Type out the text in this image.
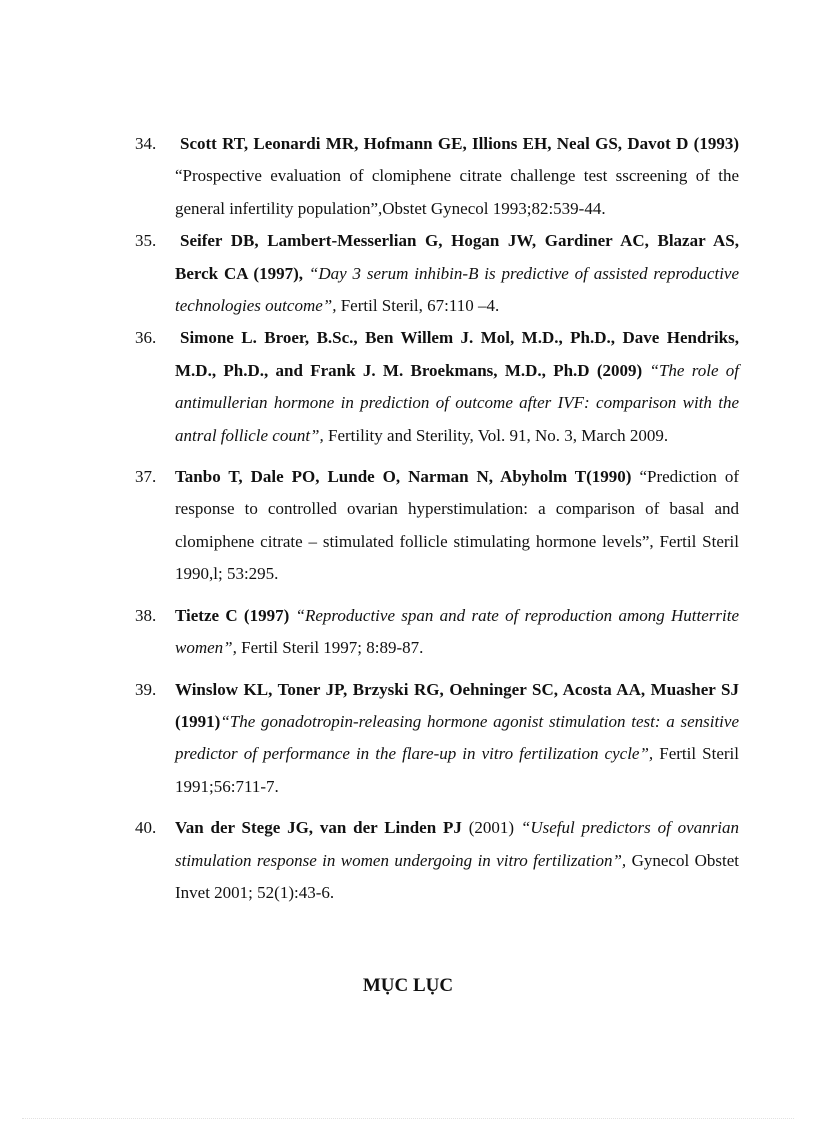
34. Scott RT, Leonardi MR, Hofmann GE, Illions EH, Neal GS, Davot D (1993) “Prospective evaluation of clomiphene citrate challenge test sscreening of the general infertility population”,Obstet Gynecol 1993;82:539-44.
35. Seifer DB, Lambert-Messerlian G, Hogan JW, Gardiner AC, Blazar AS, Berck CA (1997), “Day 3 serum inhibin-B is predictive of assisted reproductive technologies outcome”, Fertil Steril, 67:110 –4.
36. Simone L. Broer, B.Sc., Ben Willem J. Mol, M.D., Ph.D., Dave Hendriks, M.D., Ph.D., and Frank J. M. Broekmans, M.D., Ph.D (2009) “The role of antimullerian hormone in prediction of outcome after IVF: comparison with the antral follicle count”, Fertility and Sterility, Vol. 91, No. 3, March 2009.
37. Tanbo T, Dale PO, Lunde O, Narman N, Abyholm T(1990) “Prediction of response to controlled ovarian hyperstimulation: a comparison of basal and clomiphene citrate – stimulated follicle stimulating hormone levels”, Fertil Steril 1990,l; 53:295.
38. Tietze C (1997) “Reproductive span and rate of reproduction among Hutterrite women”, Fertil Steril 1997; 8:89-87.
39. Winslow KL, Toner JP, Brzyski RG, Oehninger SC, Acosta AA, Muasher SJ (1991)“The gonadotropin-releasing hormone agonist stimulation test: a sensitive predictor of performance in the flare-up in vitro fertilization cycle”, Fertil Steril 1991;56:711-7.
40. Van der Stege JG, van der Linden PJ (2001) “Useful predictors of ovanrian stimulation response in women undergoing in vitro fertilization”, Gynecol Obstet Invet 2001; 52(1):43-6.
MỤC LỤC
